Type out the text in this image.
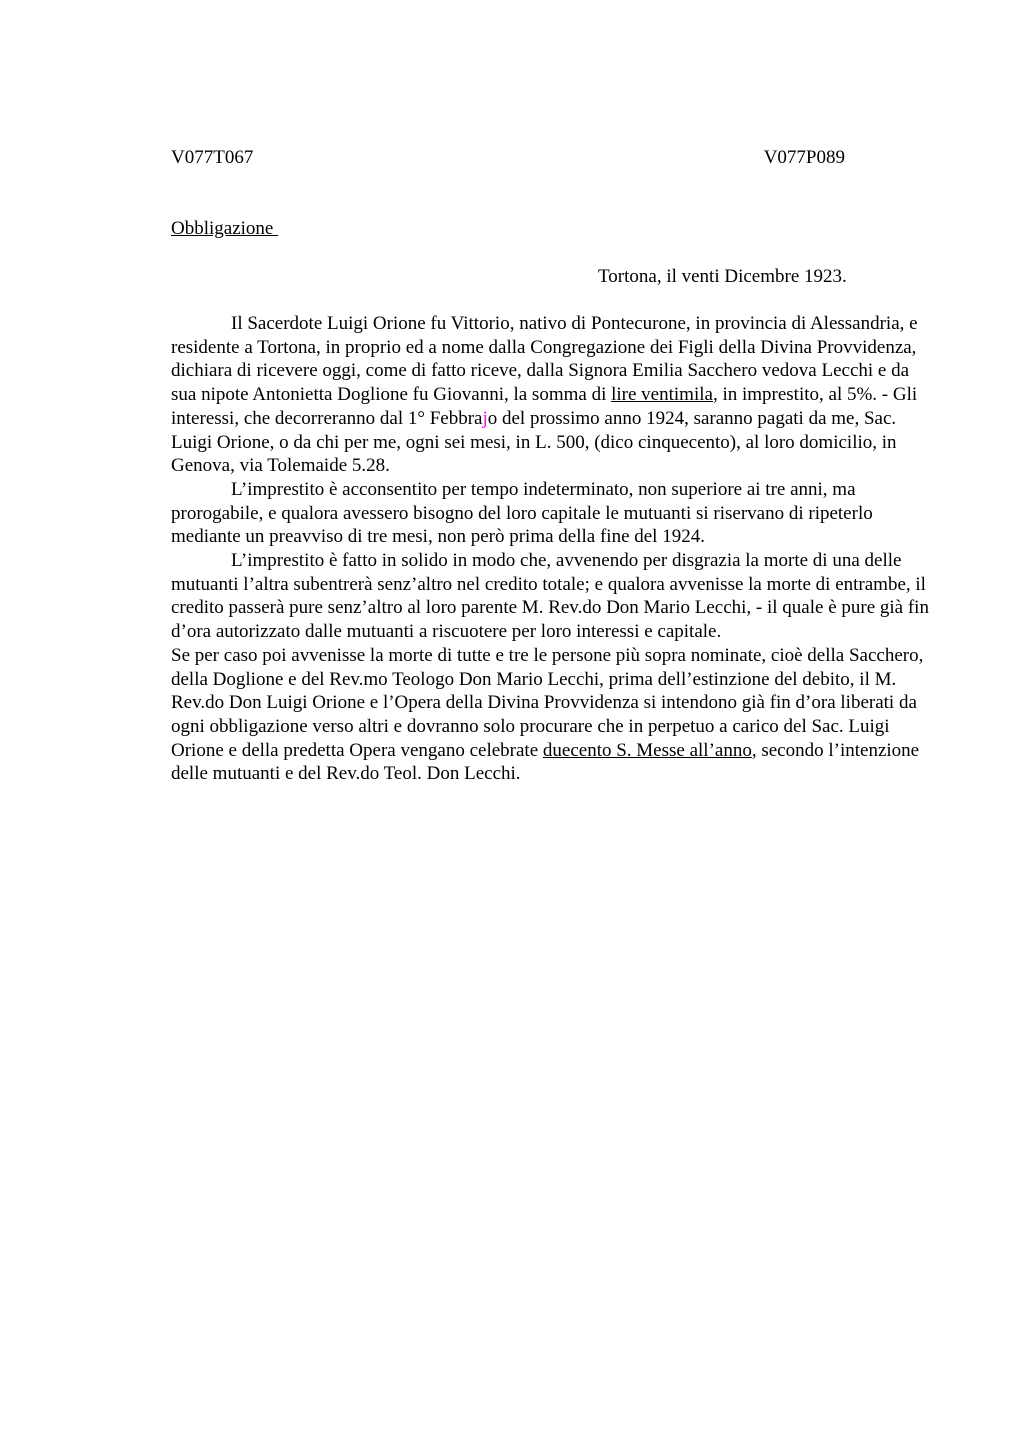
V077T067	V077P089
Obbligazione
Tortona, il venti Dicembre 1923.

Il Sacerdote Luigi Orione fu Vittorio, nativo di Pontecurone, in provincia di Alessandria, e residente a Tortona, in proprio ed a nome dalla Congregazione dei Figli della Divina Provvidenza, dichiara di ricevere oggi, come di fatto riceve, dalla Signora Emilia Sacchero vedova Lecchi e da sua nipote Antonietta Doglione fu Giovanni, la somma di lire ventimila, in imprestito, al 5%. - Gli interessi, che decorreranno dal 1° Febbrajo del prossimo anno 1924, saranno pagati da me, Sac. Luigi Orione, o da chi per me, ogni sei mesi, in L. 500, (dico cinquecento), al loro domicilio, in Genova, via Tolemaide 5.28.

L’imprestito è acconsentito per tempo indeterminato, non superiore ai tre anni, ma prorogabile, e qualora avessero bisogno del loro capitale le mutuanti si riservano di ripeterlo mediante un preavviso di tre mesi, non però prima della fine del 1924.

L’imprestito è fatto in solido in modo che, avvenendo per disgrazia la morte di una delle mutuanti l’altra subentrerà senz’altro nel credito totale; e qualora avvenisse la morte di entrambe, il credito passerà pure senz’altro al loro parente M. Rev.do Don Mario Lecchi, - il quale è pure già fin d’ora autorizzato dalle mutuanti a riscuotere per loro interessi e capitale.

Se per caso poi avvenisse la morte di tutte e tre le persone più sopra nominate, cioè della Sacchero, della Doglione e del Rev.mo Teologo Don Mario Lecchi, prima dell’estinzione del debito, il M. Rev.do Don Luigi Orione e l’Opera della Divina Provvidenza si intendono già fin d’ora liberati da ogni obbligazione verso altri e dovranno solo procurare che in perpetuo a carico del Sac. Luigi Orione e della predetta Opera vengano celebrate duecento S. Messe all’anno, secondo l’intenzione delle mutuanti e del Rev.do Teol. Don Lecchi.
